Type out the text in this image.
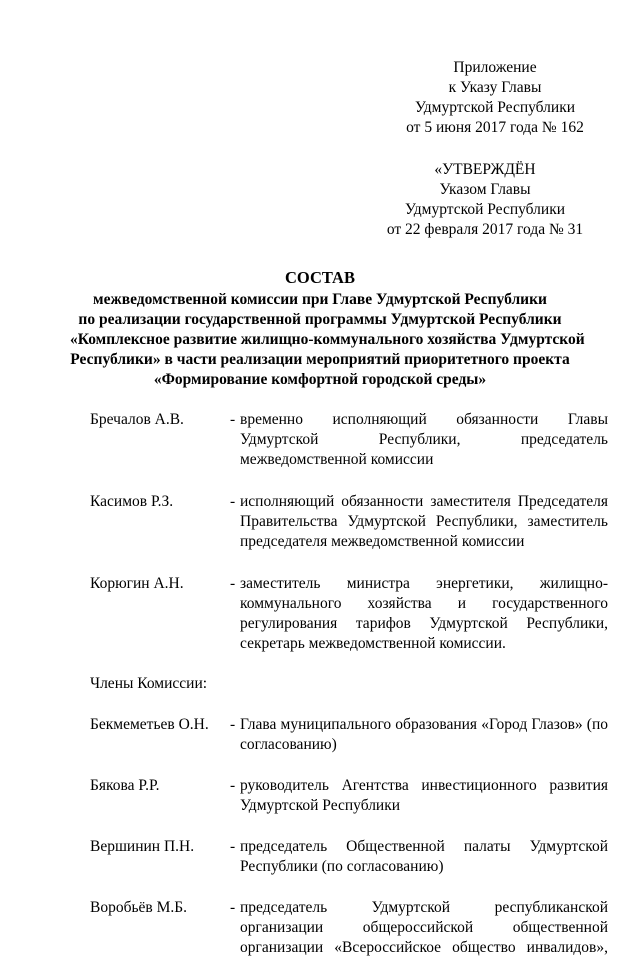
Приложение
к Указу Главы
Удмуртской Республики
от 5 июня 2017 года № 162
«УТВЕРЖДЁН
Указом Главы
Удмуртской Республики
от 22 февраля 2017 года № 31
СОСТАВ
межведомственной комиссии при Главе Удмуртской Республики
по реализации государственной программы Удмуртской Республики
«Комплексное развитие жилищно-коммунального хозяйства Удмуртской
Республики» в части реализации мероприятий приоритетного проекта
«Формирование комфортной городской среды»
Бречалов А.В.	- временно исполняющий обязанности Главы
Удмуртской Республики, председатель
межведомственной комиссии
Касимов Р.З.	- исполняющий обязанности заместителя Председателя
Правительства Удмуртской Республики, заместитель
председателя межведомственной комиссии
Корюгин А.Н.	- заместитель министра энергетики, жилищно-
коммунального хозяйства и государственного
регулирования тарифов Удмуртской Республики,
секретарь межведомственной комиссии.
Члены Комиссии:
Бекмеметьев О.Н.	- Глава муниципального образования «Город Глазов» (по
согласованию)
Бякова Р.Р.	- руководитель Агентства инвестиционного развития
Удмуртской Республики
Вершинин П.Н.	- председатель Общественной палаты Удмуртской
Республики (по согласованию)
Воробьёв М.Б.	- председатель Удмуртской республиканской
организации общероссийской общественной
организации «Всероссийское общество инвалидов»,
